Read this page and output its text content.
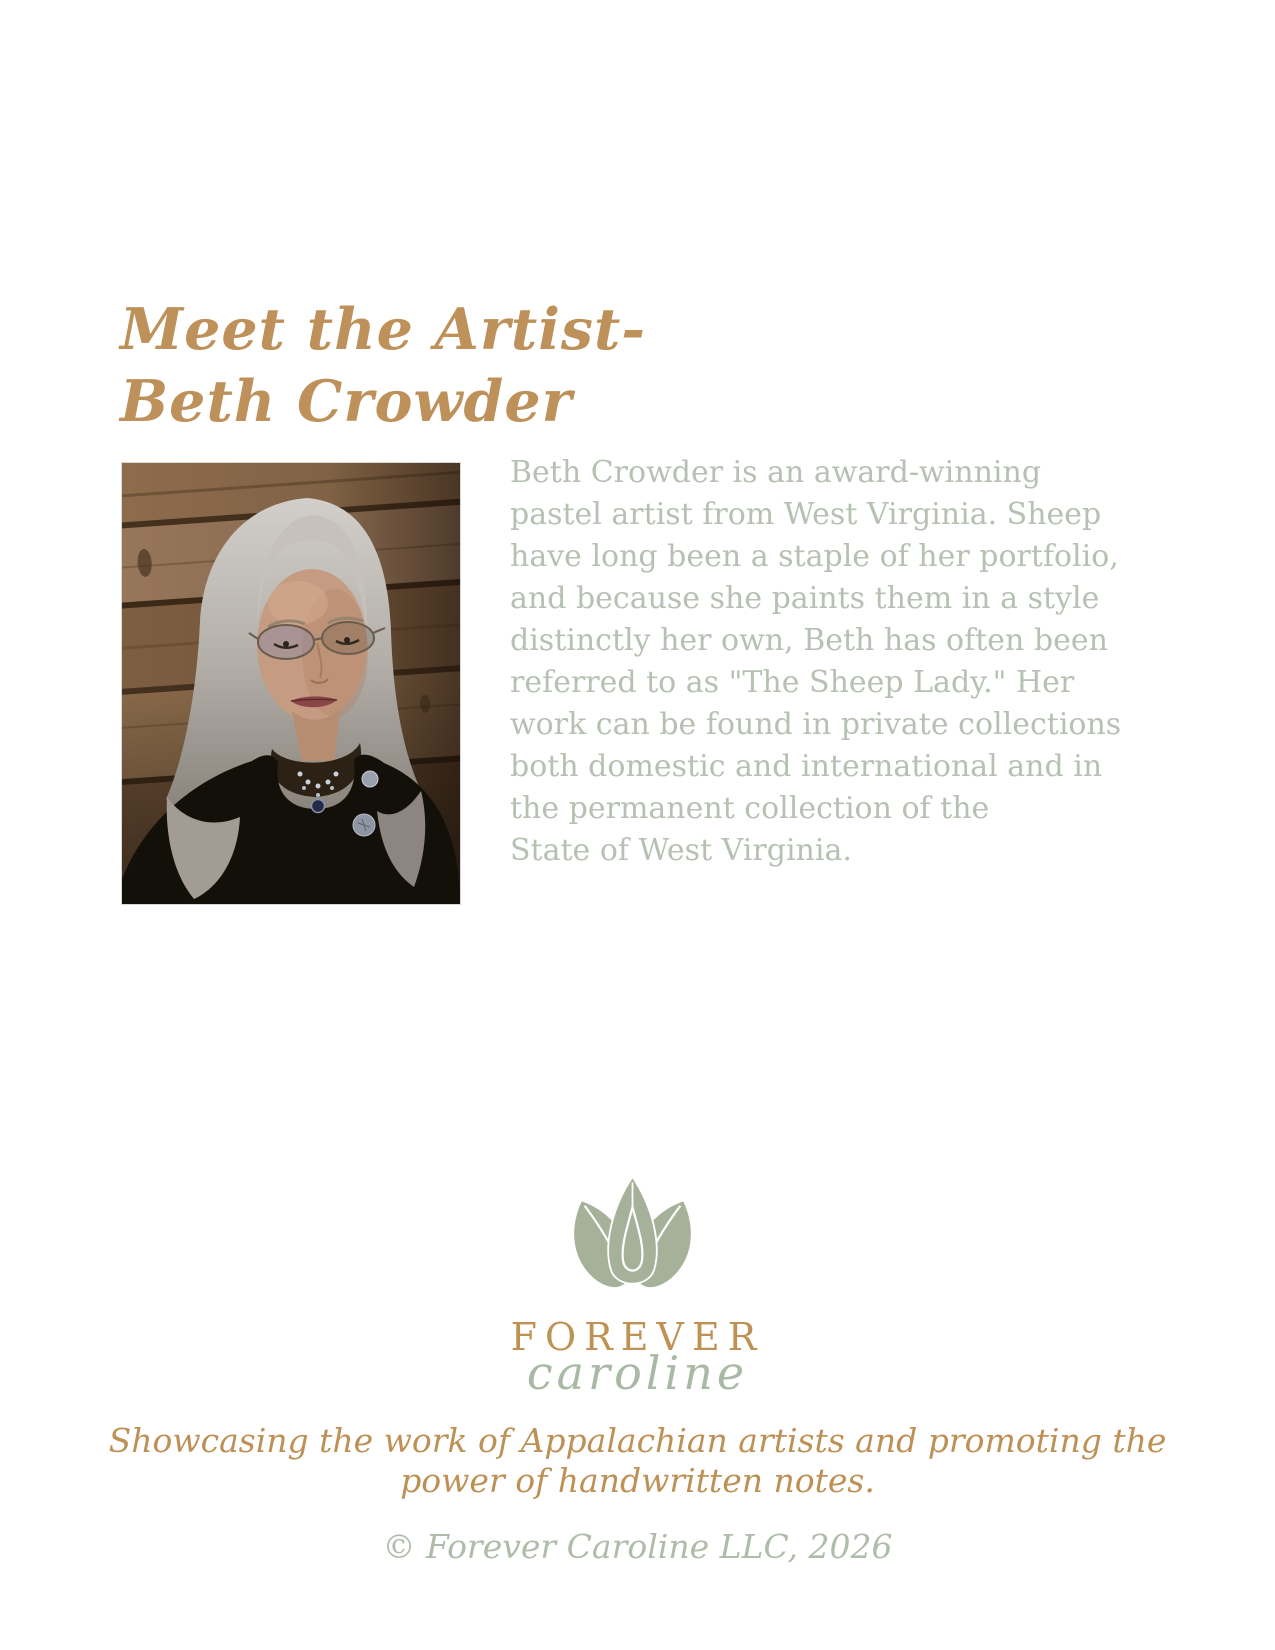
Meet the Artist-
Beth Crowder
Beth Crowder is an award-winning
pastel artist from West Virginia. Sheep
have long been a staple of her portfolio,
and because she paints them in a style
distinctly her own, Beth has often been
referred to as "The Sheep Lady." Her
work can be found in private collections
both domestic and international and in
the permanent collection of the
State of West Virginia.
FOREVER
caroline
Showcasing the work of Appalachian artists and promoting the
power of handwritten notes.
© Forever Caroline LLC, 2026
